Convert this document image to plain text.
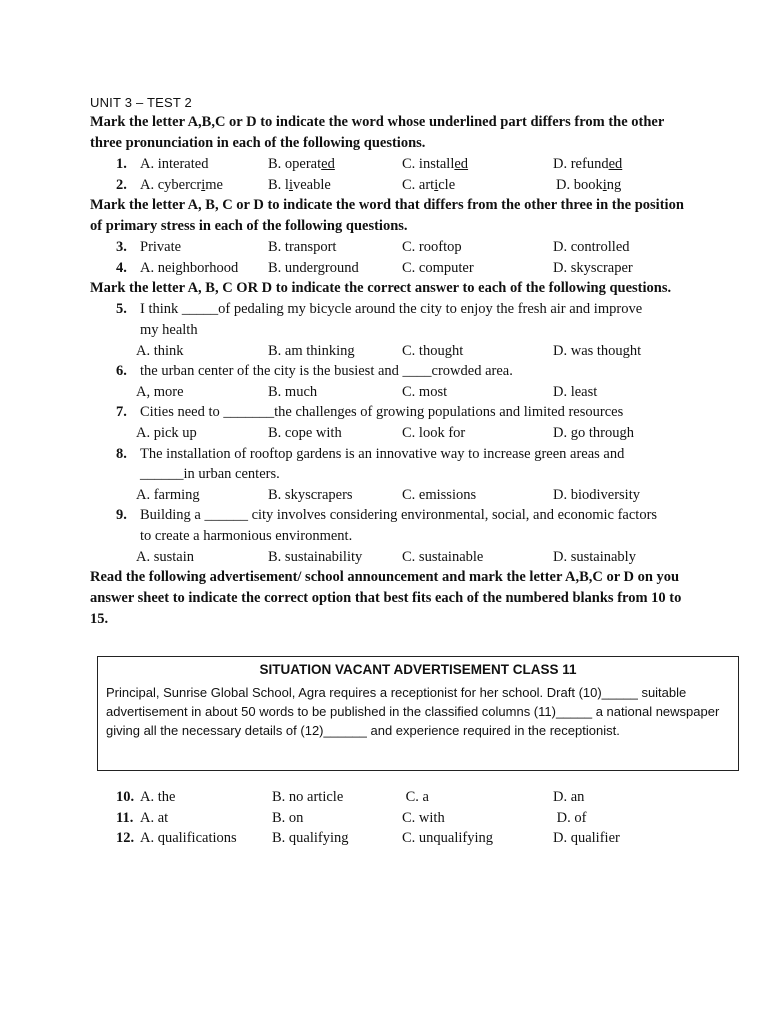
UNIT 3 – TEST 2
Mark the letter A,B,C or D to indicate the word whose underlined part differs from the other three pronunciation in each of the following questions.
1. A. interated	B. operated	C. installed	D. refunded
2. A. cybercrime	B. liveable	C. article	D. booking
Mark the letter A, B, C or D to indicate the word that differs from the other three in the position of primary stress in each of the following questions.
3. Private	B. transport	C. rooftop	D. controlled
4. A. neighborhood B. underground	C. computer	D. skyscraper
Mark the letter A, B, C OR D to indicate the correct answer to each of the following questions.
5. I think _____of pedaling my bicycle around the city to enjoy the fresh air and improve
my health
A. think	B. am thinking	C. thought	D. was thought
6. the urban center of the city is the busiest and ____crowded area.
A, more	B. much	C. most	D. least
7. Cities need to _______the challenges of growing populations and limited resources
A. pick up	B. cope with	C. look for	D. go through
8. The installation of rooftop gardens is an innovative way to increase green areas and
______in urban centers.
A. farming	B. skyscrapers	C. emissions	D. biodiversity
9. Building a ______ city involves considering environmental, social, and economic factors
to create a harmonious environment.
A. sustain	B. sustainability	C. sustainable	D. sustainably
Read the following advertisement/ school announcement and mark the letter A,B,C or D on you answer sheet to indicate the correct option that best fits each of the numbered blanks from 10 to 15.
SITUATION VACANT ADVERTISEMENT CLASS 11
Principal, Sunrise Global School, Agra requires a receptionist for her school. Draft (10)_____ suitable advertisement in about 50 words to be published in the classified columns (11)_____ a national newspaper giving all the necessary details of (12)______ and experience required in the receptionist.
10. A. the	B. no article	C. a	D. an
11. A. at	B. on	C. with	D. of
12. A. qualifications B. qualifying	C. unqualifying	D. qualifier
